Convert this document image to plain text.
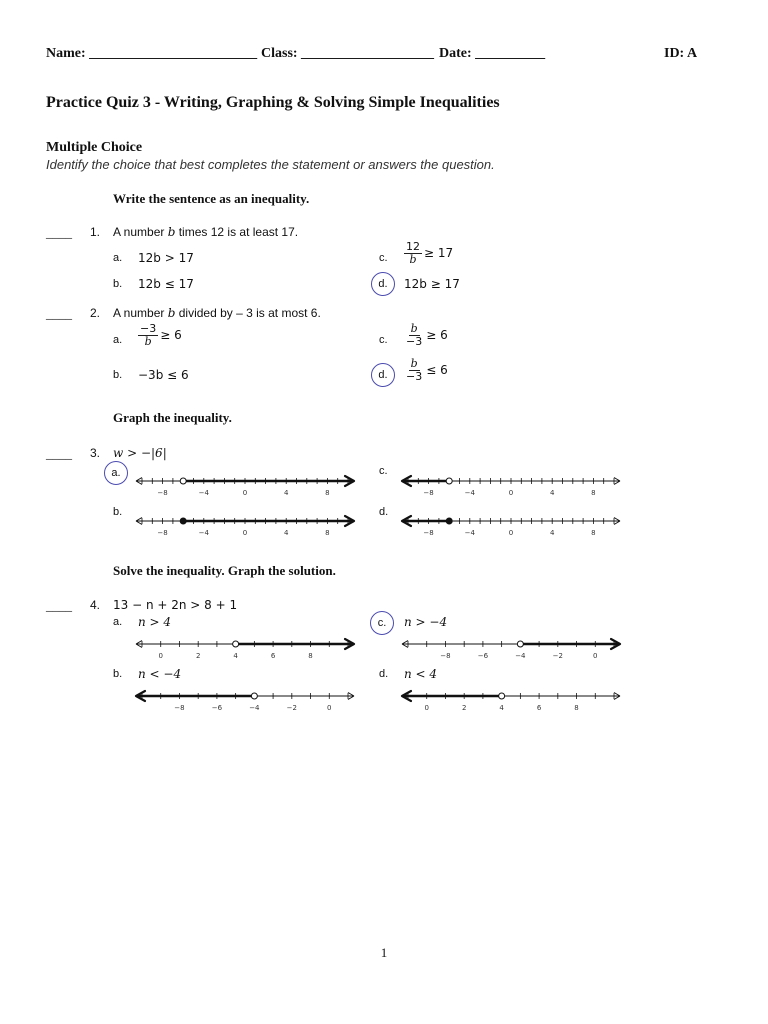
Name: ________________________ Class: ___________________ Date: __________	ID: A
Practice Quiz 3 - Writing, Graphing & Solving Simple Inequalities
Multiple Choice
Identify the choice that best completes the statement or answers the question.
Write the sentence as an inequality.
____ 1. A number b times 12 is at least 17.
a. 12b > 17
b. 12b ≤ 17
c. $\frac{12}{b} \ge 17$
d.	12b ≥ 17
____ 2. A number b divided by – 3 is at most 6.
a. $\frac{-3}{b} \ge 6$
b. −3b ≤ 6
c. $\frac{b}{-3} \ge 6$
d.	$\frac{b}{-3} \le 6$
Graph the inequality.
____ 3. w > −|6|
a.
−8	−4	0	4	8
b.
−8	−4	0	4	8
c.
−8	−4	0	4	8
d.
−8	−4	0	4	8
Solve the inequality. Graph the solution.
____ 4. 13 − n + 2n > 8 + 1
a. n > 4
0	2	4	6	8
b. n < −4
−8	−6	−4	−2	0
c.	n > −4
−8	−6	−4	−2	0
d. n < 4
0	2	4	6	8
1
